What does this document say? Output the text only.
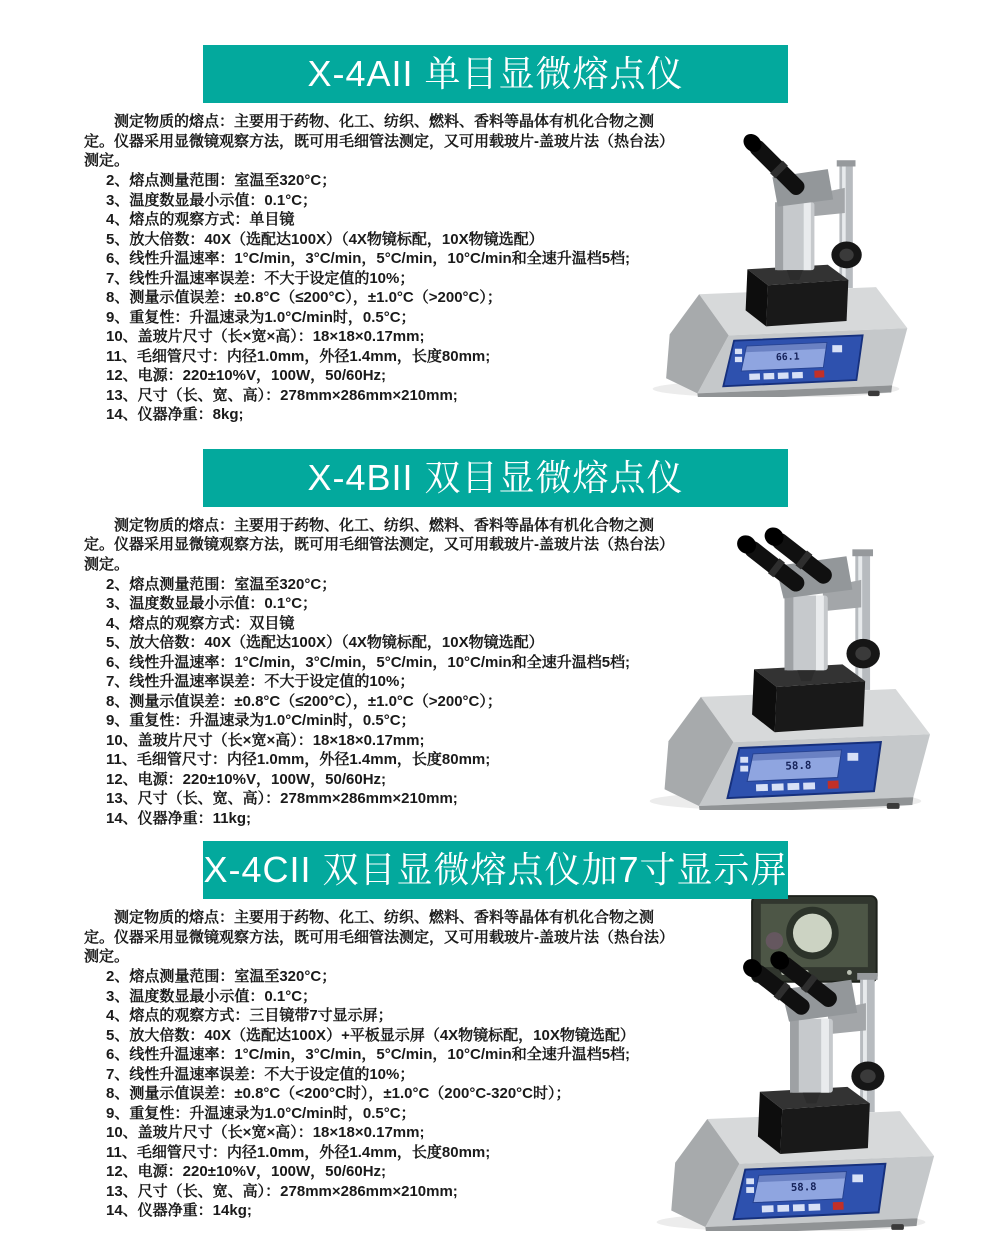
X-4AII 单目显微熔点仪

测定物质的熔点：主要用于药物、化工、纺织、燃料、香料等晶体有机化合物之测定。仪器采用显微镜观察方法，既可用毛细管法测定，又可用载玻片-盖玻片法（热台法）测定。

2、熔点测量范围：室温至320°C；
3、温度数显最小示值：0.1°C；
4、熔点的观察方式：单目镜
5、放大倍数：40X（选配达100X）（4X物镜标配，10X物镜选配）
6、线性升温速率：1°C/min，3°C/min，5°C/min，10°C/min和全速升温档5档;
7、线性升温速率误差：不大于设定值的10%；
8、测量示值误差：±0.8°C（≤200°C），±1.0°C（>200°C）；
9、重复性：升温速录为1.0°C/min时，0.5°C；
10、盖玻片尺寸（长×宽×高）：18×18×0.17mm;
11、毛细管尺寸：内径1.0mm，外径1.4mm，长度80mm;
12、电源：220±10%V，100W，50/60Hz;
13、尺寸（长、宽、高）：278mm×286mm×210mm;
14、仪器净重：8kg;
X-4BII 双目显微熔点仪

测定物质的熔点：主要用于药物、化工、纺织、燃料、香料等晶体有机化合物之测定。仪器采用显微镜观察方法，既可用毛细管法测定，又可用载玻片-盖玻片法（热台法）测定。

2、熔点测量范围：室温至320°C；
3、温度数显最小示值：0.1°C；
4、熔点的观察方式：双目镜
5、放大倍数：40X（选配达100X）（4X物镜标配，10X物镜选配）
6、线性升温速率：1°C/min，3°C/min，5°C/min，10°C/min和全速升温档5档;
7、线性升温速率误差：不大于设定值的10%；
8、测量示值误差：±0.8°C（≤200°C），±1.0°C（>200°C）；
9、重复性：升温速录为1.0°C/min时，0.5°C；
10、盖玻片尺寸（长×宽×高）：18×18×0.17mm;
11、毛细管尺寸：内径1.0mm，外径1.4mm，长度80mm;
12、电源：220±10%V，100W，50/60Hz;
13、尺寸（长、宽、高）：278mm×286mm×210mm;
14、仪器净重：11kg;
X-4CII 双目显微熔点仪加7寸显示屏

测定物质的熔点：主要用于药物、化工、纺织、燃料、香料等晶体有机化合物之测定。仪器采用显微镜观察方法，既可用毛细管法测定，又可用载玻片-盖玻片法（热台法）测定。

2、熔点测量范围：室温至320°C；
3、温度数显最小示值：0.1°C；
4、熔点的观察方式：三目镜带7寸显示屏；
5、放大倍数：40X（选配达100X）+平板显示屏（4X物镜标配，10X物镜选配）
6、线性升温速率：1°C/min，3°C/min，5°C/min，10°C/min和全速升温档5档;
7、线性升温速率误差：不大于设定值的10%；
8、测量示值误差：±0.8°C（<200°C时），±1.0°C（200°C-320°C时）；
9、重复性：升温速录为1.0°C/min时，0.5°C；
10、盖玻片尺寸（长×宽×高）：18×18×0.17mm;
11、毛细管尺寸：内径1.0mm，外径1.4mm，长度80mm;
12、电源：220±10%V，100W，50/60Hz;
13、尺寸（长、宽、高）：278mm×286mm×210mm;
14、仪器净重：14kg;
66.1
58.8
58.8
